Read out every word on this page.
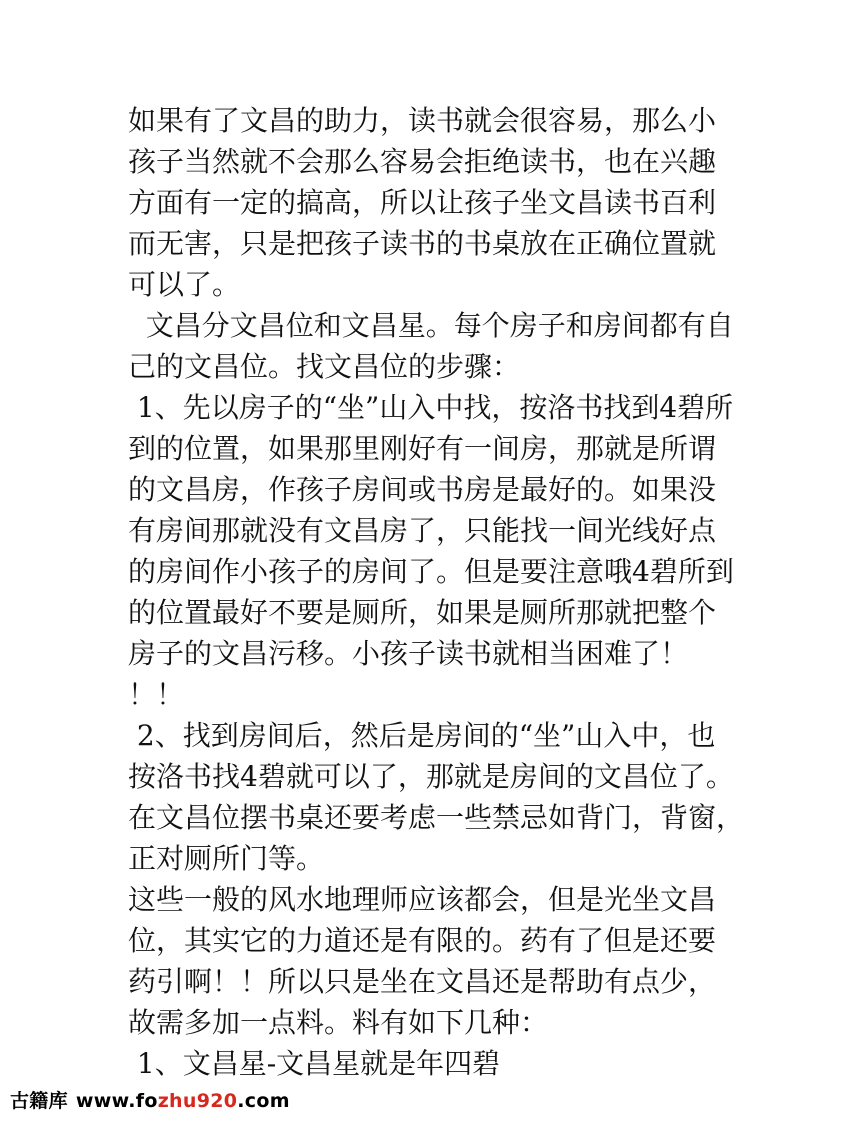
如果有了文昌的助力，读书就会很容易，那么小
孩子当然就不会那么容易会拒绝读书，也在兴趣
方面有一定的搞高，所以让孩子坐文昌读书百利
而无害，只是把孩子读书的书桌放在正确位置就
可以了。
文昌分文昌位和文昌星。每个房子和房间都有自
己的文昌位。找文昌位的步骤：
1、先以房子的“坐”山入中找，按洛书找到4碧所
到的位置，如果那里刚好有一间房，那就是所谓
的文昌房，作孩子房间或书房是最好的。如果没
有房间那就没有文昌房了，只能找一间光线好点
的房间作小孩子的房间了。但是要注意哦4碧所到
的位置最好不要是厕所，如果是厕所那就把整个
房子的文昌污移。小孩子读书就相当困难了！
！！
2、找到房间后，然后是房间的“坐”山入中，也
按洛书找4碧就可以了，那就是房间的文昌位了。
在文昌位摆书桌还要考虑一些禁忌如背门，背窗，
正对厕所门等。
这些一般的风水地理师应该都会，但是光坐文昌
位，其实它的力道还是有限的。药有了但是还要
药引啊！！所以只是坐在文昌还是帮助有点少，
故需多加一点料。料有如下几种：
1、文昌星-文昌星就是年四碧
古籍库 www.fozhu920.com
